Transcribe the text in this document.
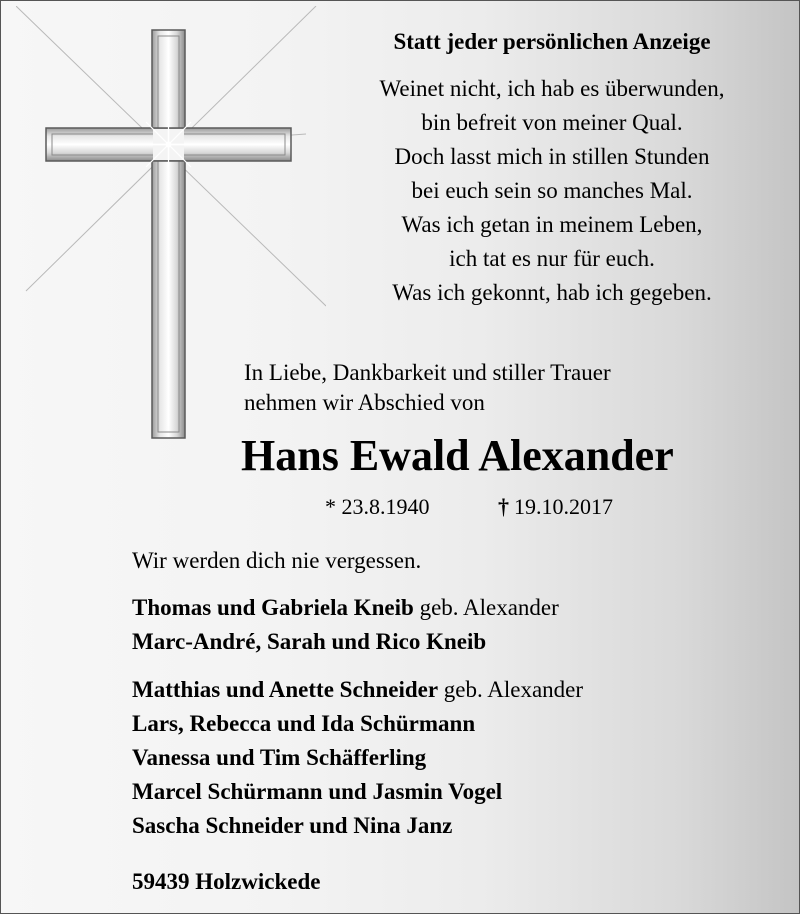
Statt jeder persönlichen Anzeige
Weinet nicht, ich hab es überwunden,
bin befreit von meiner Qual.
Doch lasst mich in stillen Stunden
bei euch sein so manches Mal.
Was ich getan in meinem Leben,
ich tat es nur für euch.
Was ich gekonnt, hab ich gegeben.
In Liebe, Dankbarkeit und stiller Trauer
nehmen wir Abschied von
Hans Ewald Alexander
* 23.8.1940	† 19.10.2017
Wir werden dich nie vergessen.
Thomas und Gabriela Kneib geb. Alexander
Marc-André, Sarah und Rico Kneib
Matthias und Anette Schneider geb. Alexander
Lars, Rebecca und Ida Schürmann
Vanessa und Tim Schäfferling
Marcel Schürmann und Jasmin Vogel
Sascha Schneider und Nina Janz
59439 Holzwickede
